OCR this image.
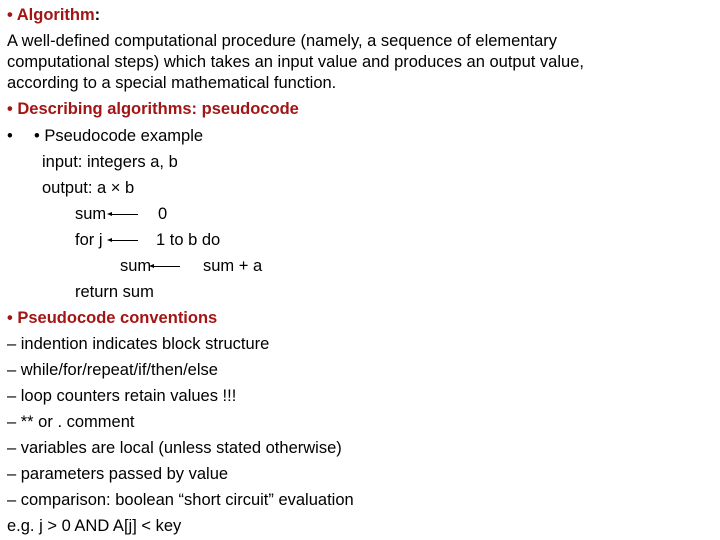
• Algorithm:
A well-defined computational procedure (namely, a sequence of elementary
computational steps) which takes an input value and produces an output value,
according to a special mathematical function.
• Describing algorithms: pseudocode
• • Pseudocode example
input: integers a, b
output: a × b
sum	0
for j	1 to b do
sum	sum + a
return sum
• Pseudocode conventions
– indention indicates block structure
– while/for/repeat/if/then/else
– loop counters retain values !!!
– ** or . comment
– variables are local (unless stated otherwise)
– parameters passed by value
– comparison: boolean “short circuit” evaluation
e.g. j > 0 AND A[j] < key
